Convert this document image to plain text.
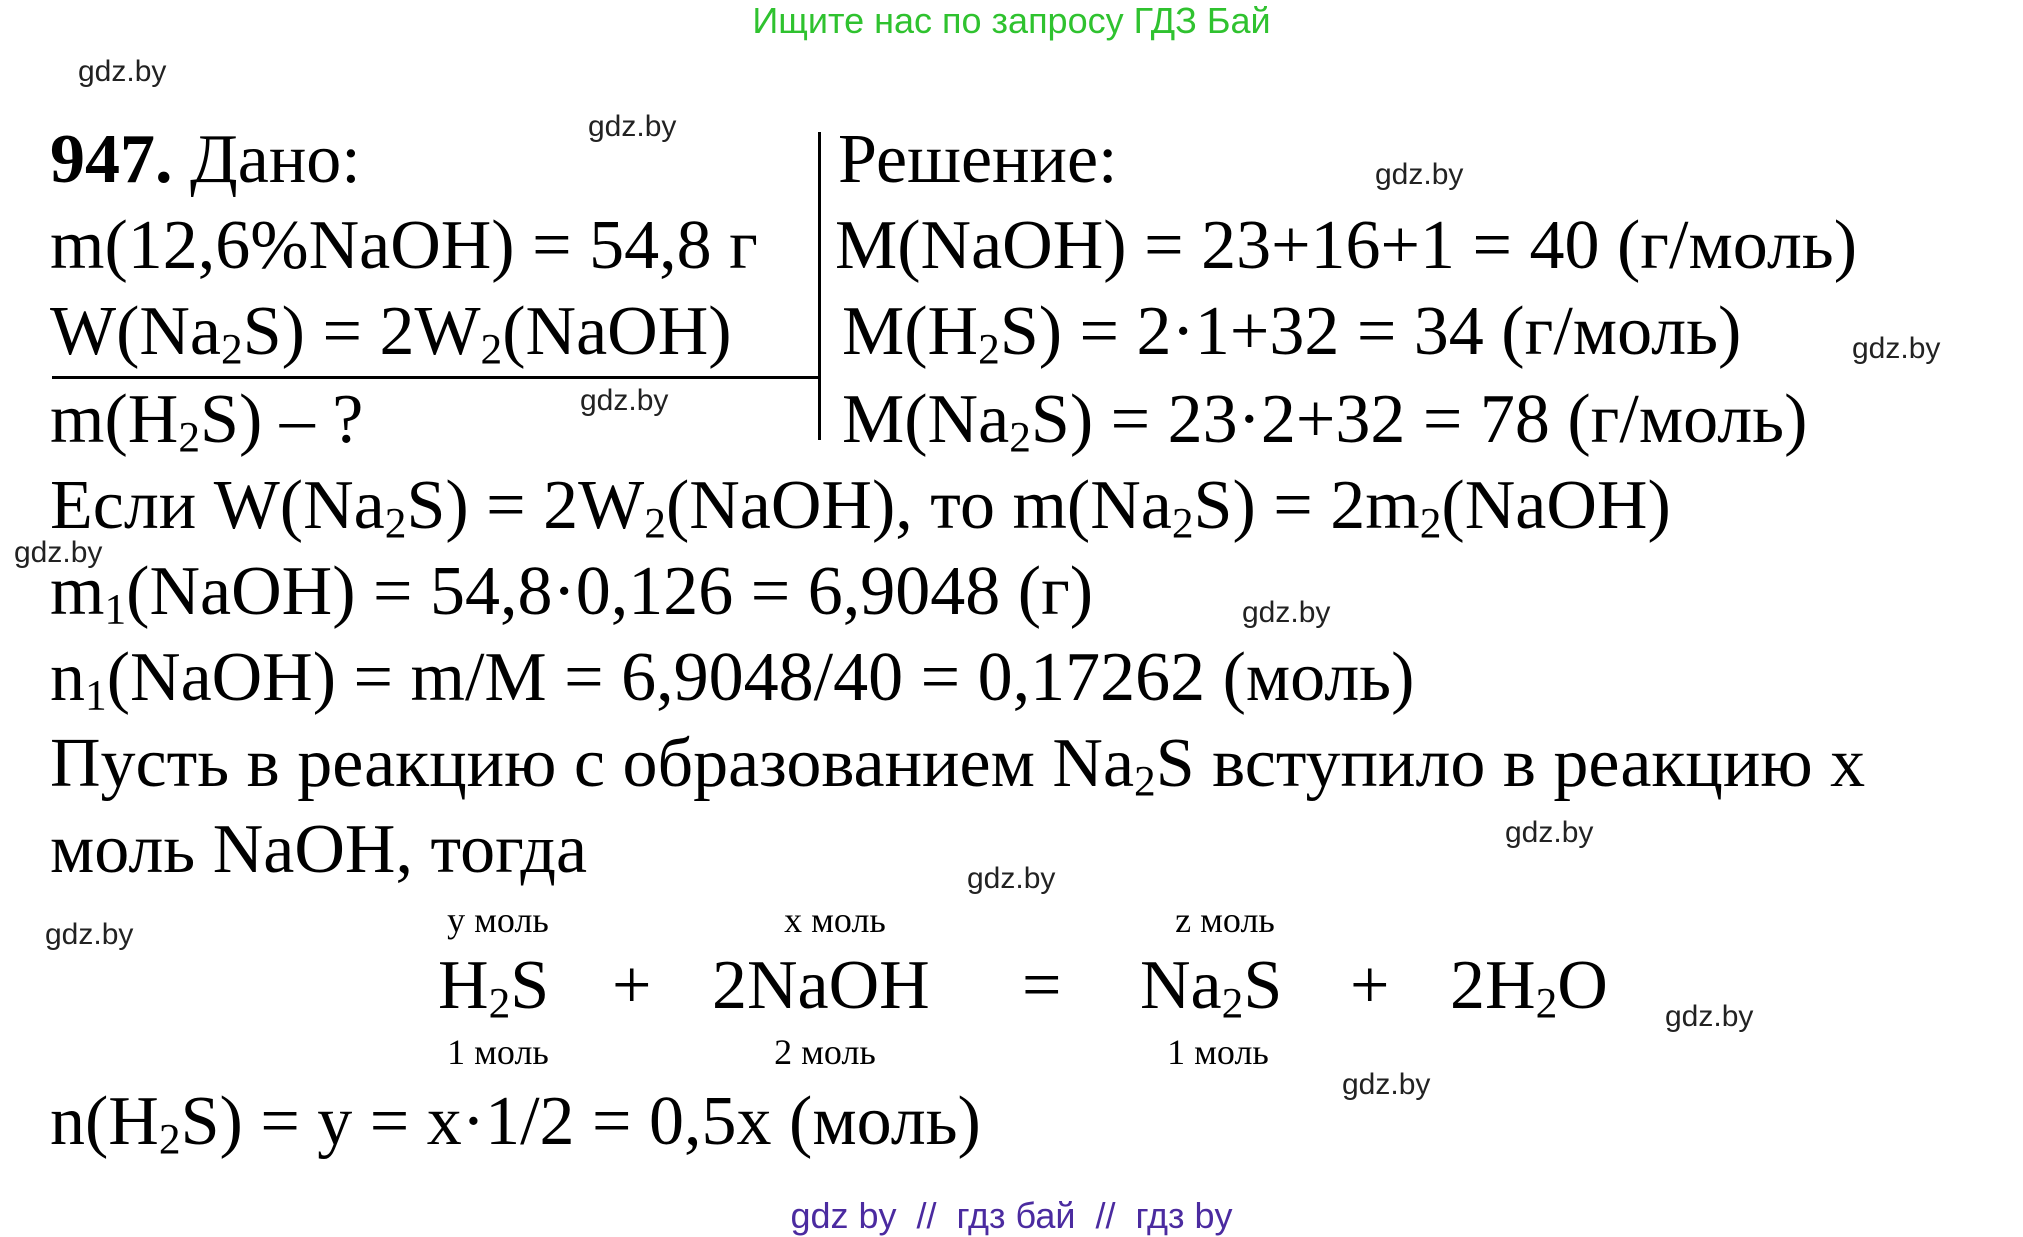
Ищите нас по запросу ГДЗ Бай
gdz.by
gdz.by
gdz.by
gdz.by
gdz.by
gdz.by
gdz.by
gdz.by
gdz.by
gdz.by
gdz.by
gdz.by
947. Дано:	Решение:
m(12,6%NaOH) = 54,8 г
$W(Na_2S)$ = $2W_2(NaOH)$
$m(H_2S)$ – ?
M(NaOH) = 23+16+1 = 40 (г/моль)
$M(H_2S) = 2\cdot 1+32 = 34$ (г/моль)
$M(Na_2S) = 23\cdot 2+32 = 78$ (г/моль)
Если $W(Na_2S)$ = $2W_2(NaOH)$, то $m(Na_2S)$ = $2m_2(NaOH)$
$m_1(NaOH) = 54,8\cdot 0,126 = 6,9048$ (г)
$n_1(NaOH) = m/M = 6,9048/40 = 0,17262$ (моль)
Пусть в реакцию с образованием $Na_2S$ вступило в реакцию x
моль NaOH, тогда
y моль	x моль	z моль
$H_2S$ + 2NaOH = $Na_2S + 2H_2O$
1 моль	2 моль	1 моль
$n(H_2S) = y = x\cdot 1/2 = 0,5x$ (моль)
gdz by  //  гдз бай  //  гдз by
